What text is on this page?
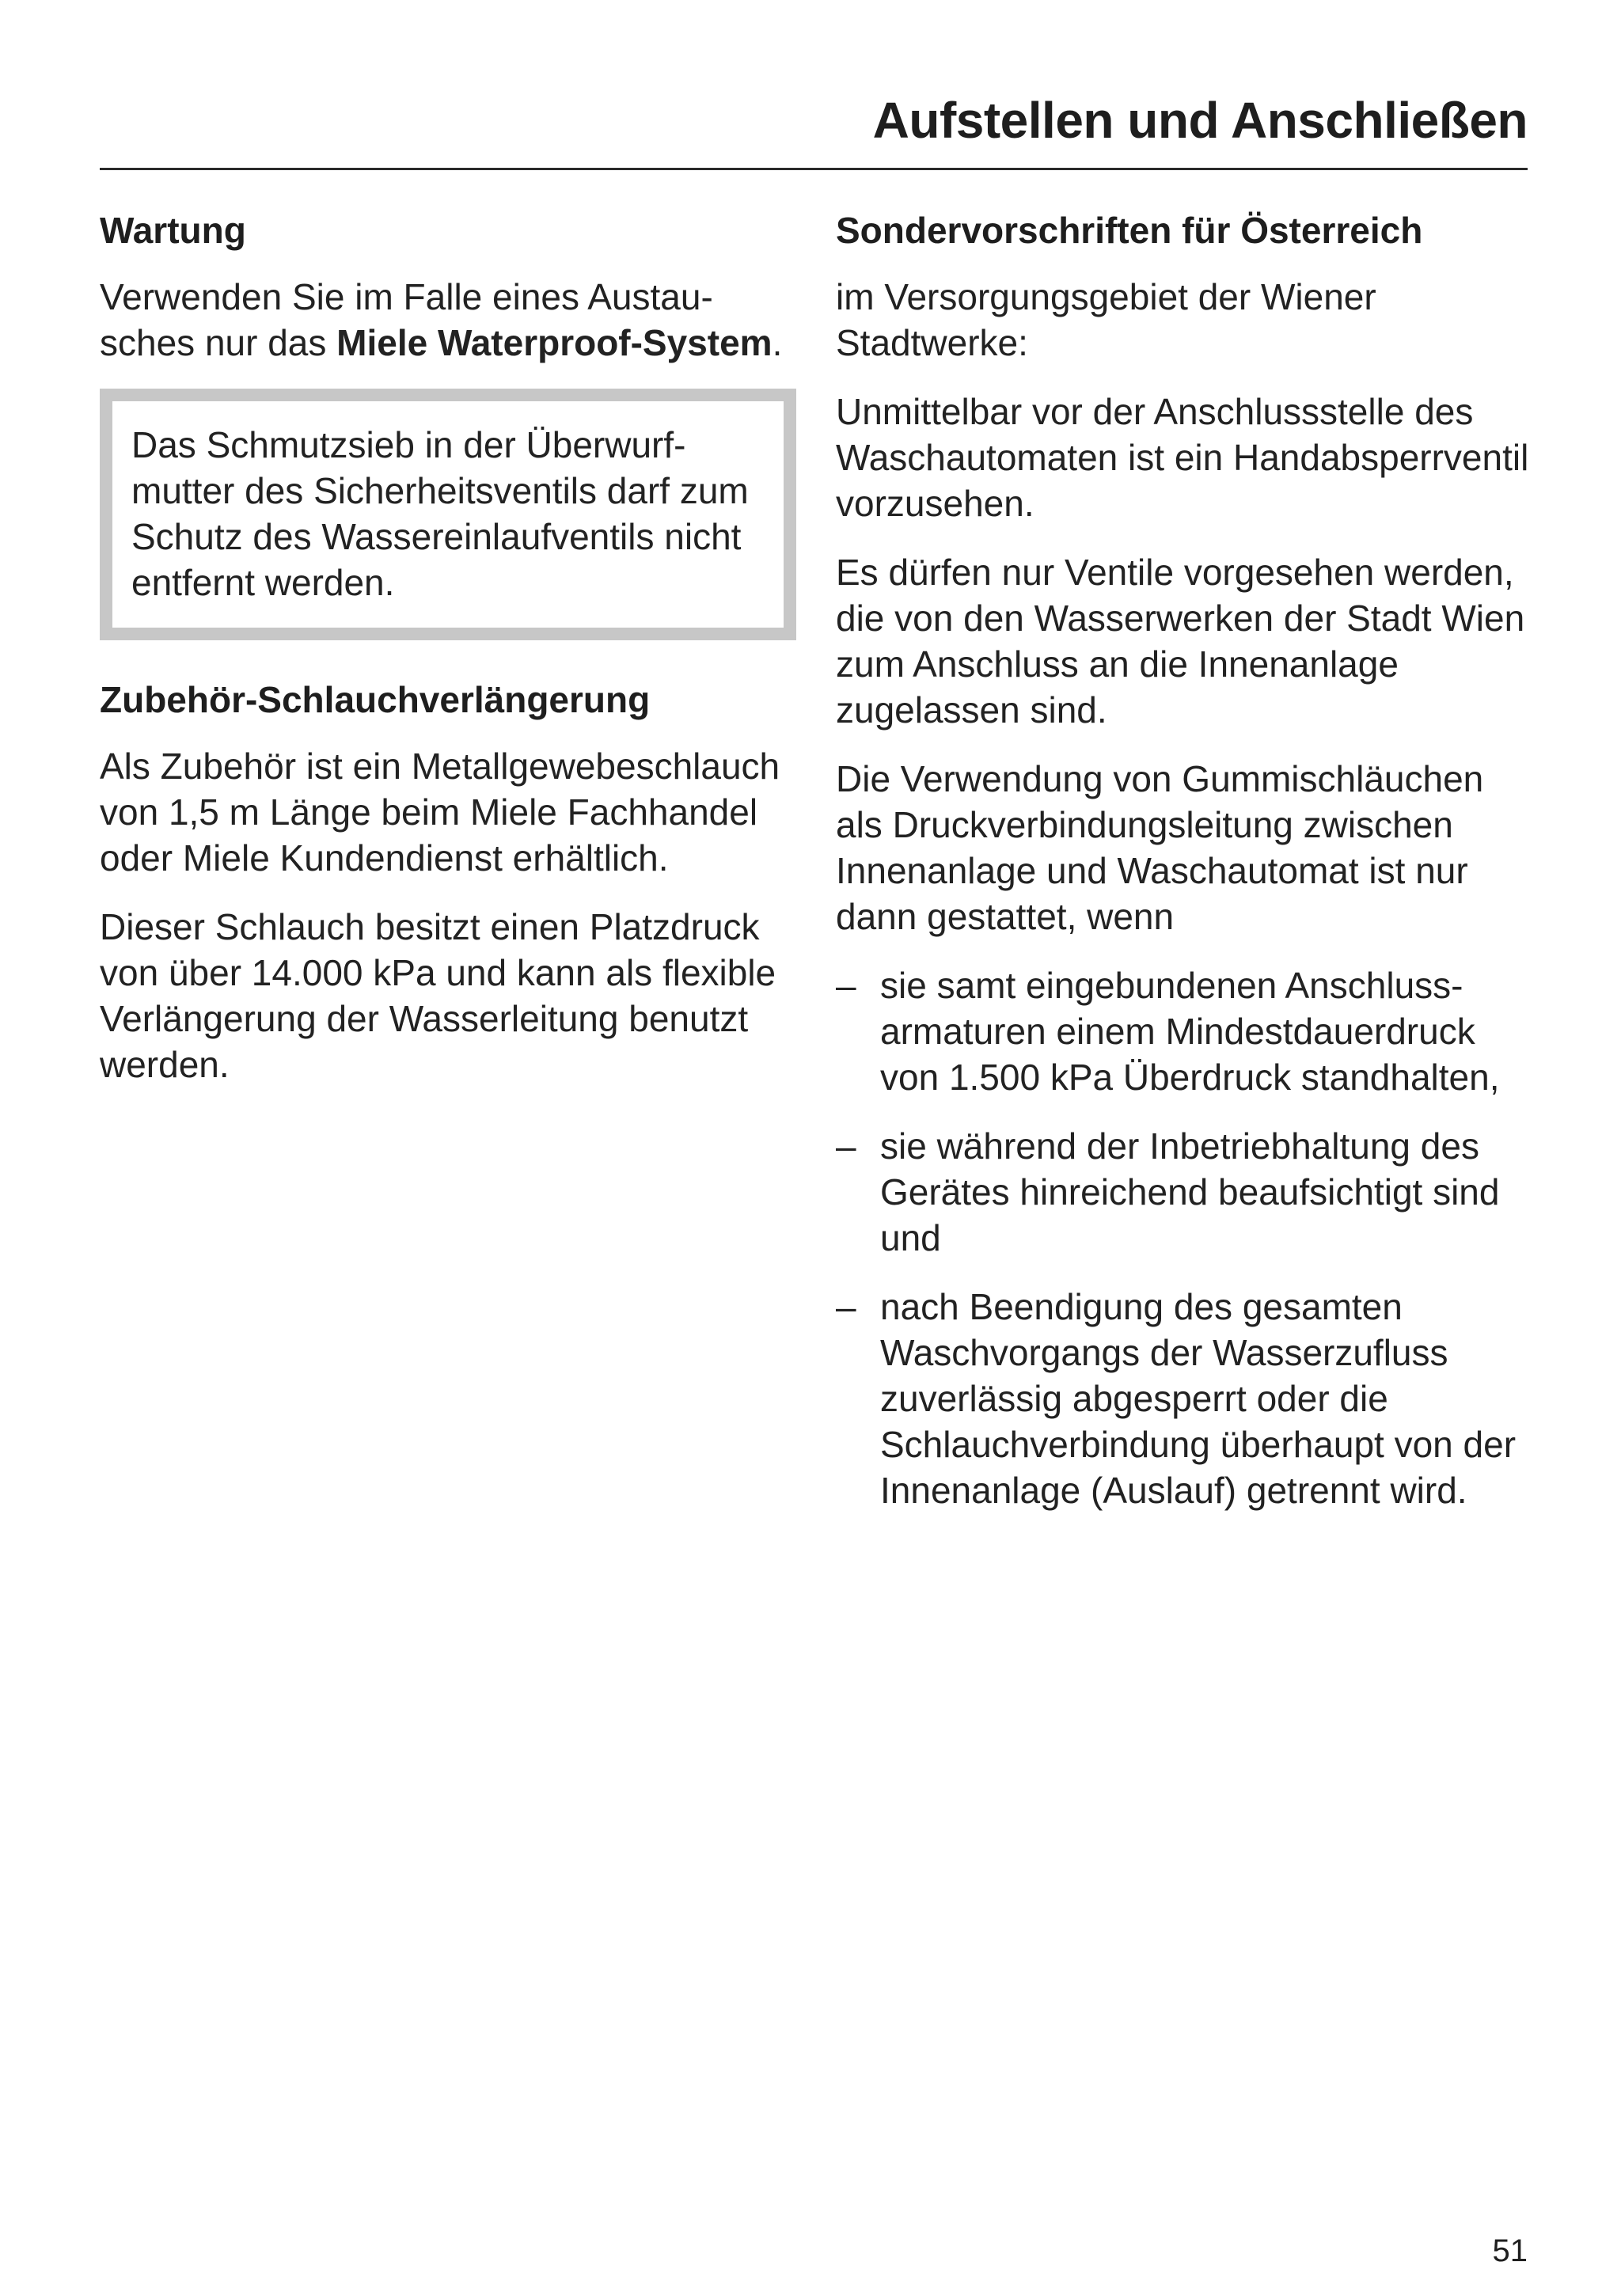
Aufstellen und Anschließen
Wartung

Verwenden Sie im Falle eines Austausches nur das Miele Waterproof-System.

Das Schmutzsieb in der Überwurfmutter des Sicherheitsventils darf zum Schutz des Wassereinlaufventils nicht entfernt werden.

Zubehör-Schlauchverlängerung

Als Zubehör ist ein Metallgewebeschlauch von 1,5 m Länge beim Miele Fachhandel oder Miele Kundendienst erhältlich.

Dieser Schlauch besitzt einen Platzdruck von über 14.000 kPa und kann als flexible Verlängerung der Wasserleitung benutzt werden.

Sondervorschriften für Österreich

im Versorgungsgebiet der Wiener Stadtwerke:

Unmittelbar vor der Anschlussstelle des Waschautomaten ist ein Handabsperrventil vorzusehen.

Es dürfen nur Ventile vorgesehen werden, die von den Wasserwerken der Stadt Wien zum Anschluss an die Innenanlage zugelassen sind.

Die Verwendung von Gummischläuchen als Druckverbindungsleitung zwischen Innenanlage und Waschautomat ist nur dann gestattet, wenn

– sie samt eingebundenen Anschlussarmaturen einem Mindestdauerdruck von 1.500 kPa Überdruck standhalten,
– sie während der Inbetriebhaltung des Gerätes hinreichend beaufsichtigt sind und
– nach Beendigung des gesamten Waschvorgangs der Wasserzufluss zuverlässig abgesperrt oder die Schlauchverbindung überhaupt von der Innenanlage (Auslauf) getrennt wird.
51
